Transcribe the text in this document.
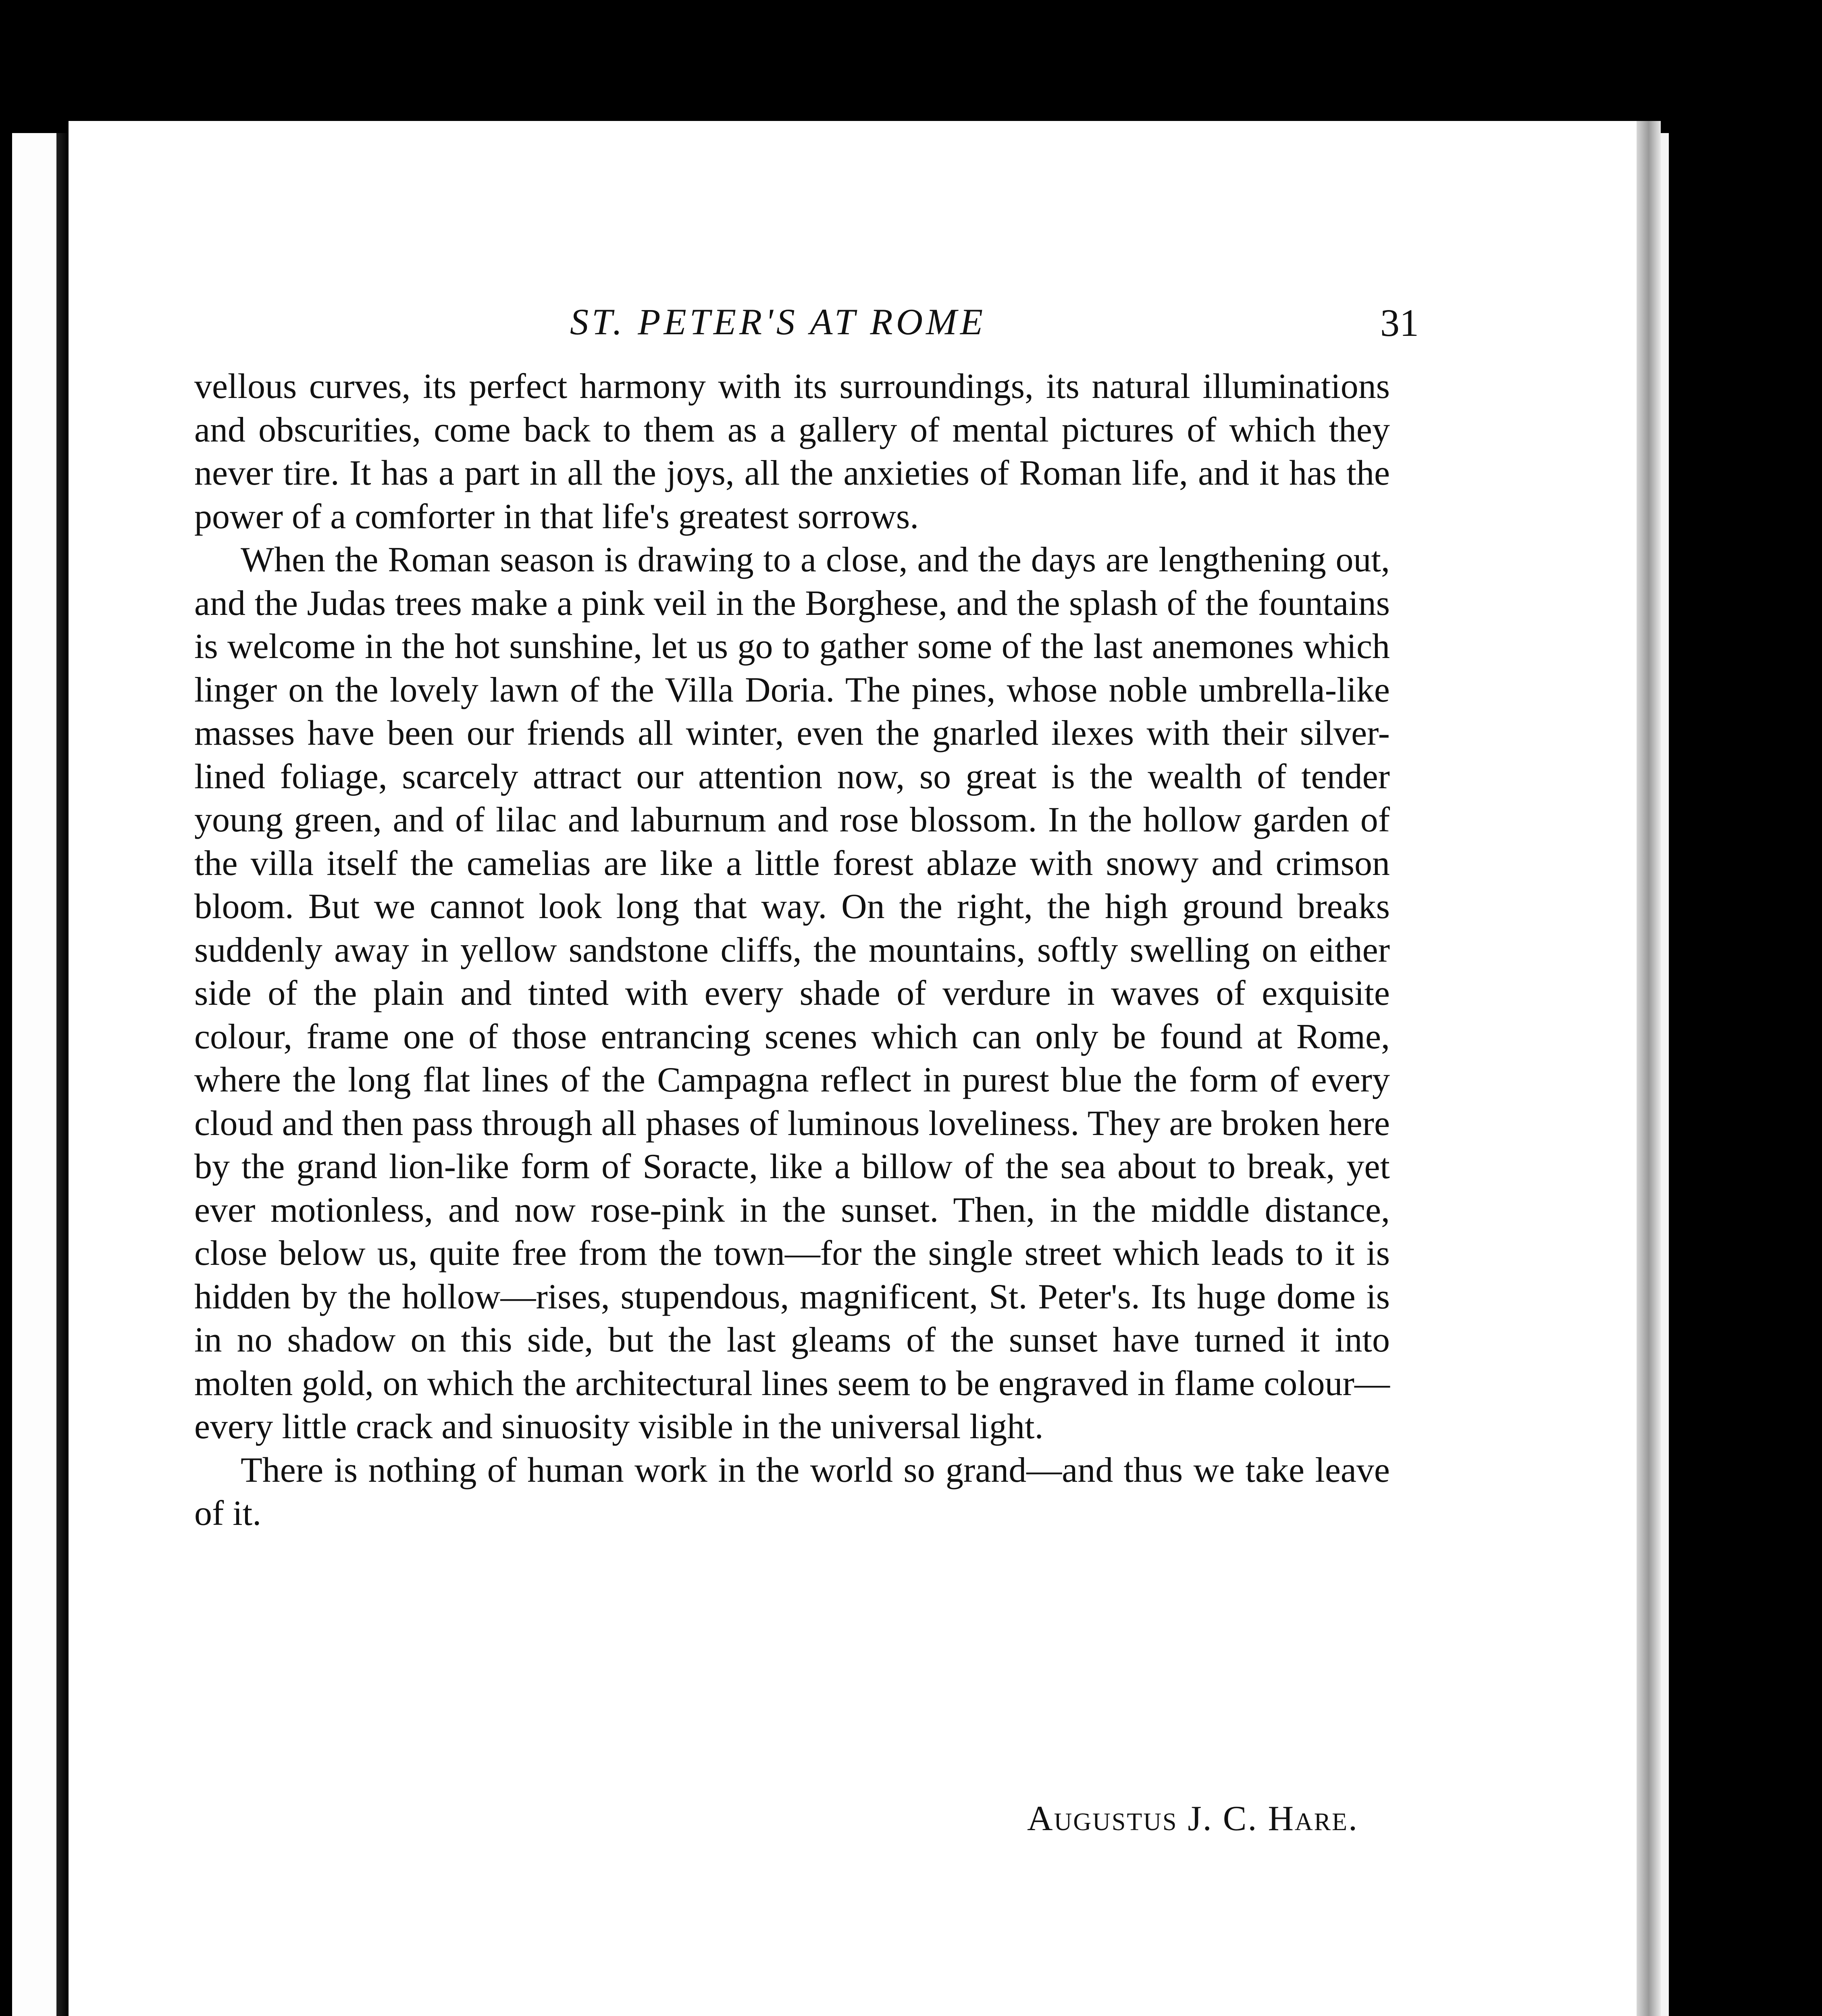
ST. PETER'S AT ROME	31

vellous curves, its perfect harmony with its surroundings, its natural illuminations and obscurities, come back to them as a gallery of mental pictures of which they never tire. It has a part in all the joys, all the anxieties of Roman life, and it has the power of a comforter in that life's greatest sorrows.

When the Roman season is drawing to a close, and the days are lengthening out, and the Judas trees make a pink veil in the Borghese, and the splash of the fountains is welcome in the hot sunshine, let us go to gather some of the last anemones which linger on the lovely lawn of the Villa Doria. The pines, whose noble umbrella-like masses have been our friends all winter, even the gnarled ilexes with their silver-lined foliage, scarcely attract our attention now, so great is the wealth of tender young green, and of lilac and laburnum and rose blossom. In the hollow garden of the villa itself the camelias are like a little forest ablaze with snowy and crimson bloom. But we cannot look long that way. On the right, the high ground breaks suddenly away in yellow sandstone cliffs, the mountains, softly swelling on either side of the plain and tinted with every shade of verdure in waves of exquisite colour, frame one of those entrancing scenes which can only be found at Rome, where the long flat lines of the Campagna reflect in purest blue the form of every cloud and then pass through all phases of luminous loveliness. They are broken here by the grand lion-like form of Soracte, like a billow of the sea about to break, yet ever motionless, and now rose-pink in the sunset. Then, in the middle distance, close below us, quite free from the town—for the single street which leads to it is hidden by the hollow—rises, stupendous, magnificent, St. Peter's. Its huge dome is in no shadow on this side, but the last gleams of the sunset have turned it into molten gold, on which the architectural lines seem to be engraved in flame colour—every little crack and sinuosity visible in the universal light.

There is nothing of human work in the world so grand—and thus we take leave of it.

Augustus J. C. Hare.
